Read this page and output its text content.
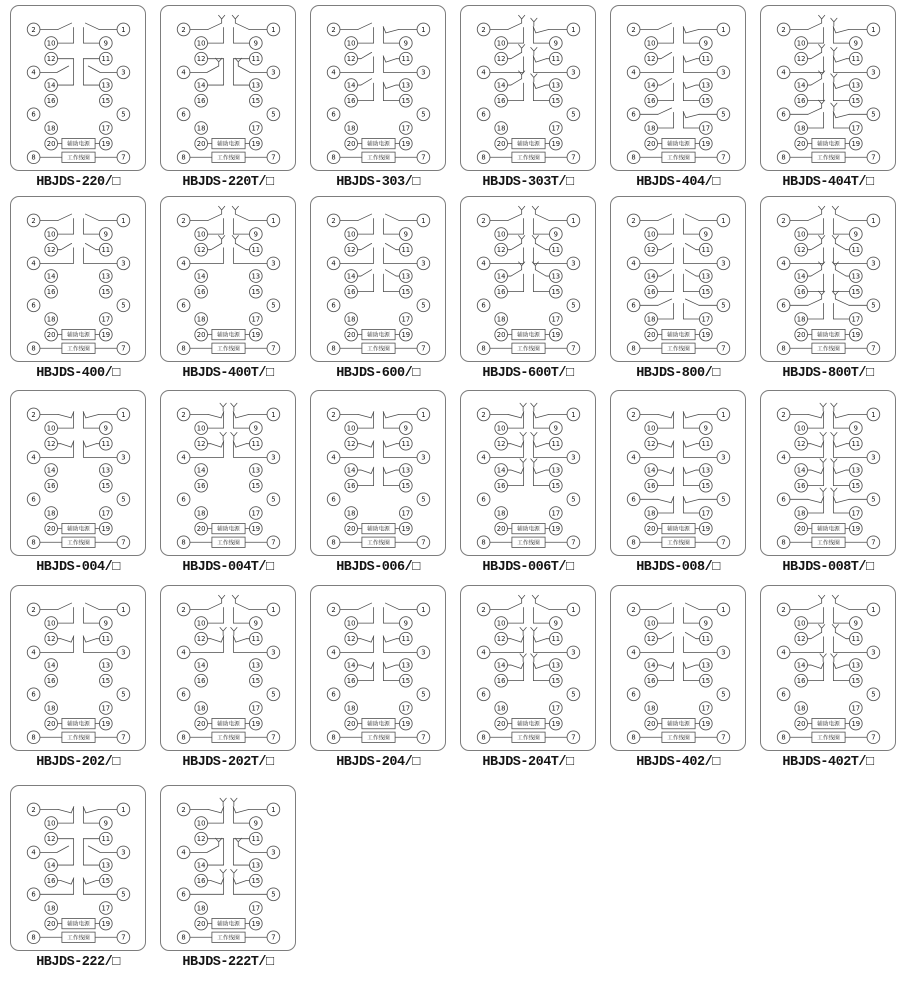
辅助电源
工作线圈
1
2
3
4
5
6
7
8
9
10
11
12
13
14
15
16
17
18
19
20
HBJDS-220/□
辅助电源
工作线圈
1
2
3
4
5
6
7
8
9
10
11
12
13
14
15
16
17
18
19
20
HBJDS-220T/□
辅助电源
工作线圈
1
2
3
4
5
6
7
8
9
10
11
12
13
14
15
16
17
18
19
20
HBJDS-303/□
辅助电源
工作线圈
1
2
3
4
5
6
7
8
9
10
11
12
13
14
15
16
17
18
19
20
HBJDS-303T/□
辅助电源
工作线圈
1
2
3
4
5
6
7
8
9
10
11
12
13
14
15
16
17
18
19
20
HBJDS-404/□
辅助电源
工作线圈
1
2
3
4
5
6
7
8
9
10
11
12
13
14
15
16
17
18
19
20
HBJDS-404T/□
辅助电源
工作线圈
1
2
3
4
5
6
7
8
9
10
11
12
13
14
15
16
17
18
19
20
HBJDS-400/□
辅助电源
工作线圈
1
2
3
4
5
6
7
8
9
10
11
12
13
14
15
16
17
18
19
20
HBJDS-400T/□
辅助电源
工作线圈
1
2
3
4
5
6
7
8
9
10
11
12
13
14
15
16
17
18
19
20
HBJDS-600/□
辅助电源
工作线圈
1
2
3
4
5
6
7
8
9
10
11
12
13
14
15
16
17
18
19
20
HBJDS-600T/□
辅助电源
工作线圈
1
2
3
4
5
6
7
8
9
10
11
12
13
14
15
16
17
18
19
20
HBJDS-800/□
辅助电源
工作线圈
1
2
3
4
5
6
7
8
9
10
11
12
13
14
15
16
17
18
19
20
HBJDS-800T/□
辅助电源
工作线圈
1
2
3
4
5
6
7
8
9
10
11
12
13
14
15
16
17
18
19
20
HBJDS-004/□
辅助电源
工作线圈
1
2
3
4
5
6
7
8
9
10
11
12
13
14
15
16
17
18
19
20
HBJDS-004T/□
辅助电源
工作线圈
1
2
3
4
5
6
7
8
9
10
11
12
13
14
15
16
17
18
19
20
HBJDS-006/□
辅助电源
工作线圈
1
2
3
4
5
6
7
8
9
10
11
12
13
14
15
16
17
18
19
20
HBJDS-006T/□
辅助电源
工作线圈
1
2
3
4
5
6
7
8
9
10
11
12
13
14
15
16
17
18
19
20
HBJDS-008/□
辅助电源
工作线圈
1
2
3
4
5
6
7
8
9
10
11
12
13
14
15
16
17
18
19
20
HBJDS-008T/□
辅助电源
工作线圈
1
2
3
4
5
6
7
8
9
10
11
12
13
14
15
16
17
18
19
20
HBJDS-202/□
辅助电源
工作线圈
1
2
3
4
5
6
7
8
9
10
11
12
13
14
15
16
17
18
19
20
HBJDS-202T/□
辅助电源
工作线圈
1
2
3
4
5
6
7
8
9
10
11
12
13
14
15
16
17
18
19
20
HBJDS-204/□
辅助电源
工作线圈
1
2
3
4
5
6
7
8
9
10
11
12
13
14
15
16
17
18
19
20
HBJDS-204T/□
辅助电源
工作线圈
1
2
3
4
5
6
7
8
9
10
11
12
13
14
15
16
17
18
19
20
HBJDS-402/□
辅助电源
工作线圈
1
2
3
4
5
6
7
8
9
10
11
12
13
14
15
16
17
18
19
20
HBJDS-402T/□
辅助电源
工作线圈
1
2
3
4
5
6
7
8
9
10
11
12
13
14
15
16
17
18
19
20
HBJDS-222/□
辅助电源
工作线圈
1
2
3
4
5
6
7
8
9
10
11
12
13
14
15
16
17
18
19
20
HBJDS-222T/□
